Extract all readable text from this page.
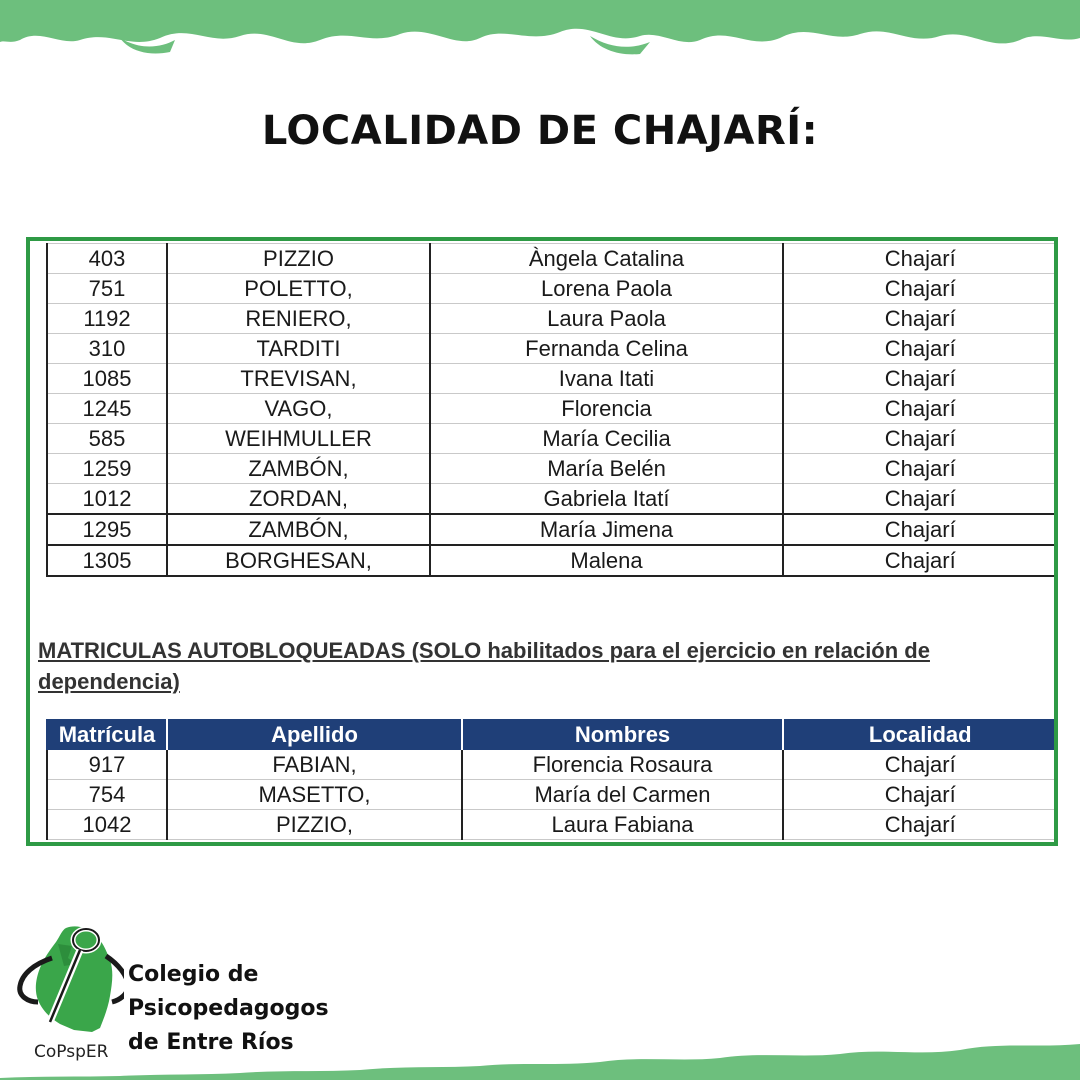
LOCALIDAD DE CHAJARÍ:
403	PIZZIO	Àngela Catalina	Chajarí
751	POLETTO,	Lorena Paola	Chajarí
1192	RENIERO,	Laura Paola	Chajarí
310	TARDITI	Fernanda Celina	Chajarí
1085	TREVISAN,	Ivana Itati	Chajarí
1245	VAGO,	Florencia	Chajarí
585	WEIHMULLER	María Cecilia	Chajarí
1259	ZAMBÓN,	María Belén	Chajarí
1012	ZORDAN,	Gabriela Itatí	Chajarí
1295	ZAMBÓN,	María Jimena	Chajarí
1305	BORGHESAN,	Malena	Chajarí
MATRICULAS AUTOBLOQUEADAS (SOLO habilitados para el ejercicio en relación de dependencia)
Matrícula	Apellido	Nombres	Localidad
917	FABIAN,	Florencia Rosaura	Chajarí
754	MASETTO,	María del Carmen	Chajarí
1042	PIZZIO,	Laura Fabiana	Chajarí
CoPspER
Colegio de
Psicopedagogos
de Entre Ríos
